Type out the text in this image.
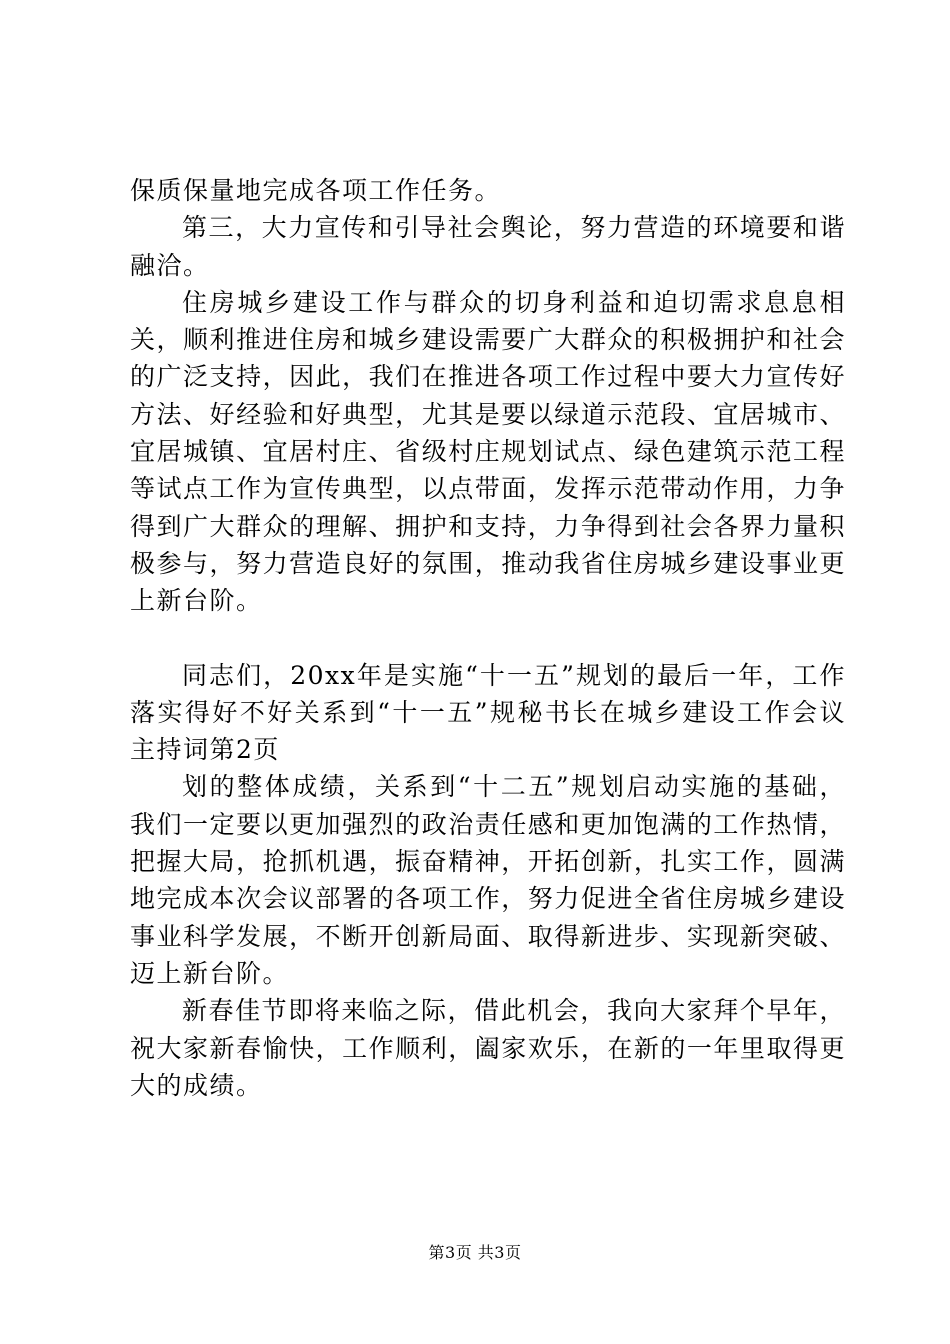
保质保量地完成各项工作任务。

第三，大力宣传和引导社会舆论，努力营造的环境要和谐融洽。

住房城乡建设工作与群众的切身利益和迫切需求息息相关，顺利推进住房和城乡建设需要广大群众的积极拥护和社会的广泛支持，因此，我们在推进各项工作过程中要大力宣传好方法、好经验和好典型，尤其是要以绿道示范段、宜居城市、宜居城镇、宜居村庄、省级村庄规划试点、绿色建筑示范工程等试点工作为宣传典型，以点带面，发挥示范带动作用，力争得到广大群众的理解、拥护和支持，力争得到社会各界力量积极参与，努力营造良好的氛围，推动我省住房城乡建设事业更上新台阶。

同志们，20xx年是实施“十一五”规划的最后一年，工作落实得好不好关系到“十一五”规秘书长在城乡建设工作会议主持词第2页

划的整体成绩，关系到“十二五”规划启动实施的基础，我们一定要以更加强烈的政治责任感和更加饱满的工作热情，把握大局，抢抓机遇，振奋精神，开拓创新，扎实工作，圆满地完成本次会议部署的各项工作，努力促进全省住房城乡建设事业科学发展，不断开创新局面、取得新进步、实现新突破、迈上新台阶。

新春佳节即将来临之际，借此机会，我向大家拜个早年，祝大家新春愉快，工作顺利，阖家欢乐，在新的一年里取得更大的成绩。

第3页 共3页
